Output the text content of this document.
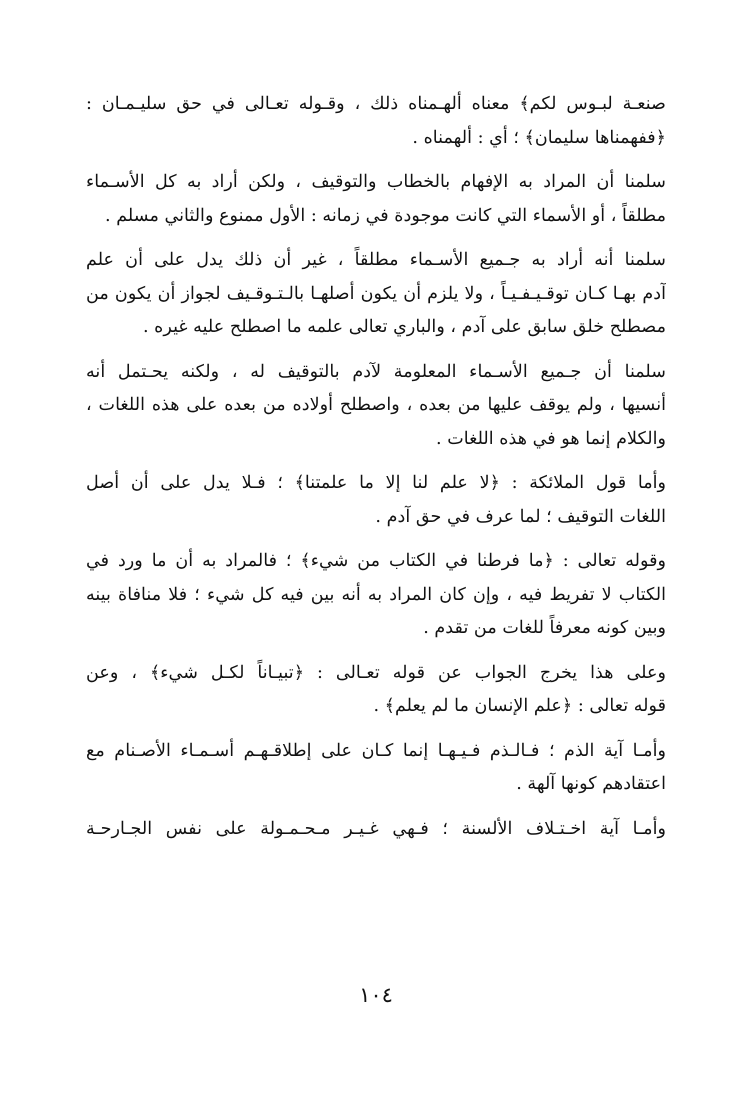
صنعـة لبـوس لكم﴾ معناه ألهـمناه ذلك ، وقـوله تعـالى في حق سليـمـان :
﴿ففهمناها سليمان﴾ ؛ أي : ألهمناه .

سلمنا أن المراد به الإفهام بالخطاب والتوقيف ، ولكن أراد به كل الأسـماء
مطلقاً ، أو الأسماء التي كانت موجودة في زمانه : الأول ممنوع والثاني مسلم .

سلمنا أنه أراد به جـميع الأسـماء مطلقاً ، غير أن ذلك يدل على أن علم
آدم بهـا كـان توقـيـفـيـاً ، ولا يلزم أن يكون أصلهـا بالـتـوقـيف لجواز أن يكون من
مصطلح خلق سابق على آدم ، والباري تعالى علمه ما اصطلح عليه غيره .

سلمنا أن جـميع الأسـماء المعلومة لآدم بالتوقيف له ، ولكنه يحـتمل أنه
أنسيها ، ولم يوقف عليها من بعده ، واصطلح أولاده من بعده على هذه اللغات ،
والكلام إنما هو في هذه اللغات .

وأما قول الملائكة : ﴿لا علم لنا إلا ما علمتنا﴾ ؛ فـلا يدل على أن أصل
اللغات التوقيف ؛ لما عرف في حق آدم .

وقوله تعالى : ﴿ما فرطنا في الكتاب من شيء﴾ ؛ فالمراد به أن ما ورد في
الكتاب لا تفريط فيه ، وإن كان المراد به أنه بين فيه كل شيء ؛ فلا منافاة بينه
وبين كونه معرفاً للغات من تقدم .

وعلى هذا يخرج الجواب عن قوله تعـالى : ﴿تبيـاناً لكـل شيء﴾ ، وعن
قوله تعالى : ﴿علم الإنسان ما لم يعلم﴾ .

وأمـا آية الذم ؛ فـالـذم فـيـهـا إنما كـان على إطلاقـهـم أسـمـاء الأصـنام مع
اعتقادهم كونها آلهة .

وأمـا آية اخـتـلاف الألسنة ؛ فـهي غـيـر مـحـمـولة على نفس الجـارحـة

١٠٤
